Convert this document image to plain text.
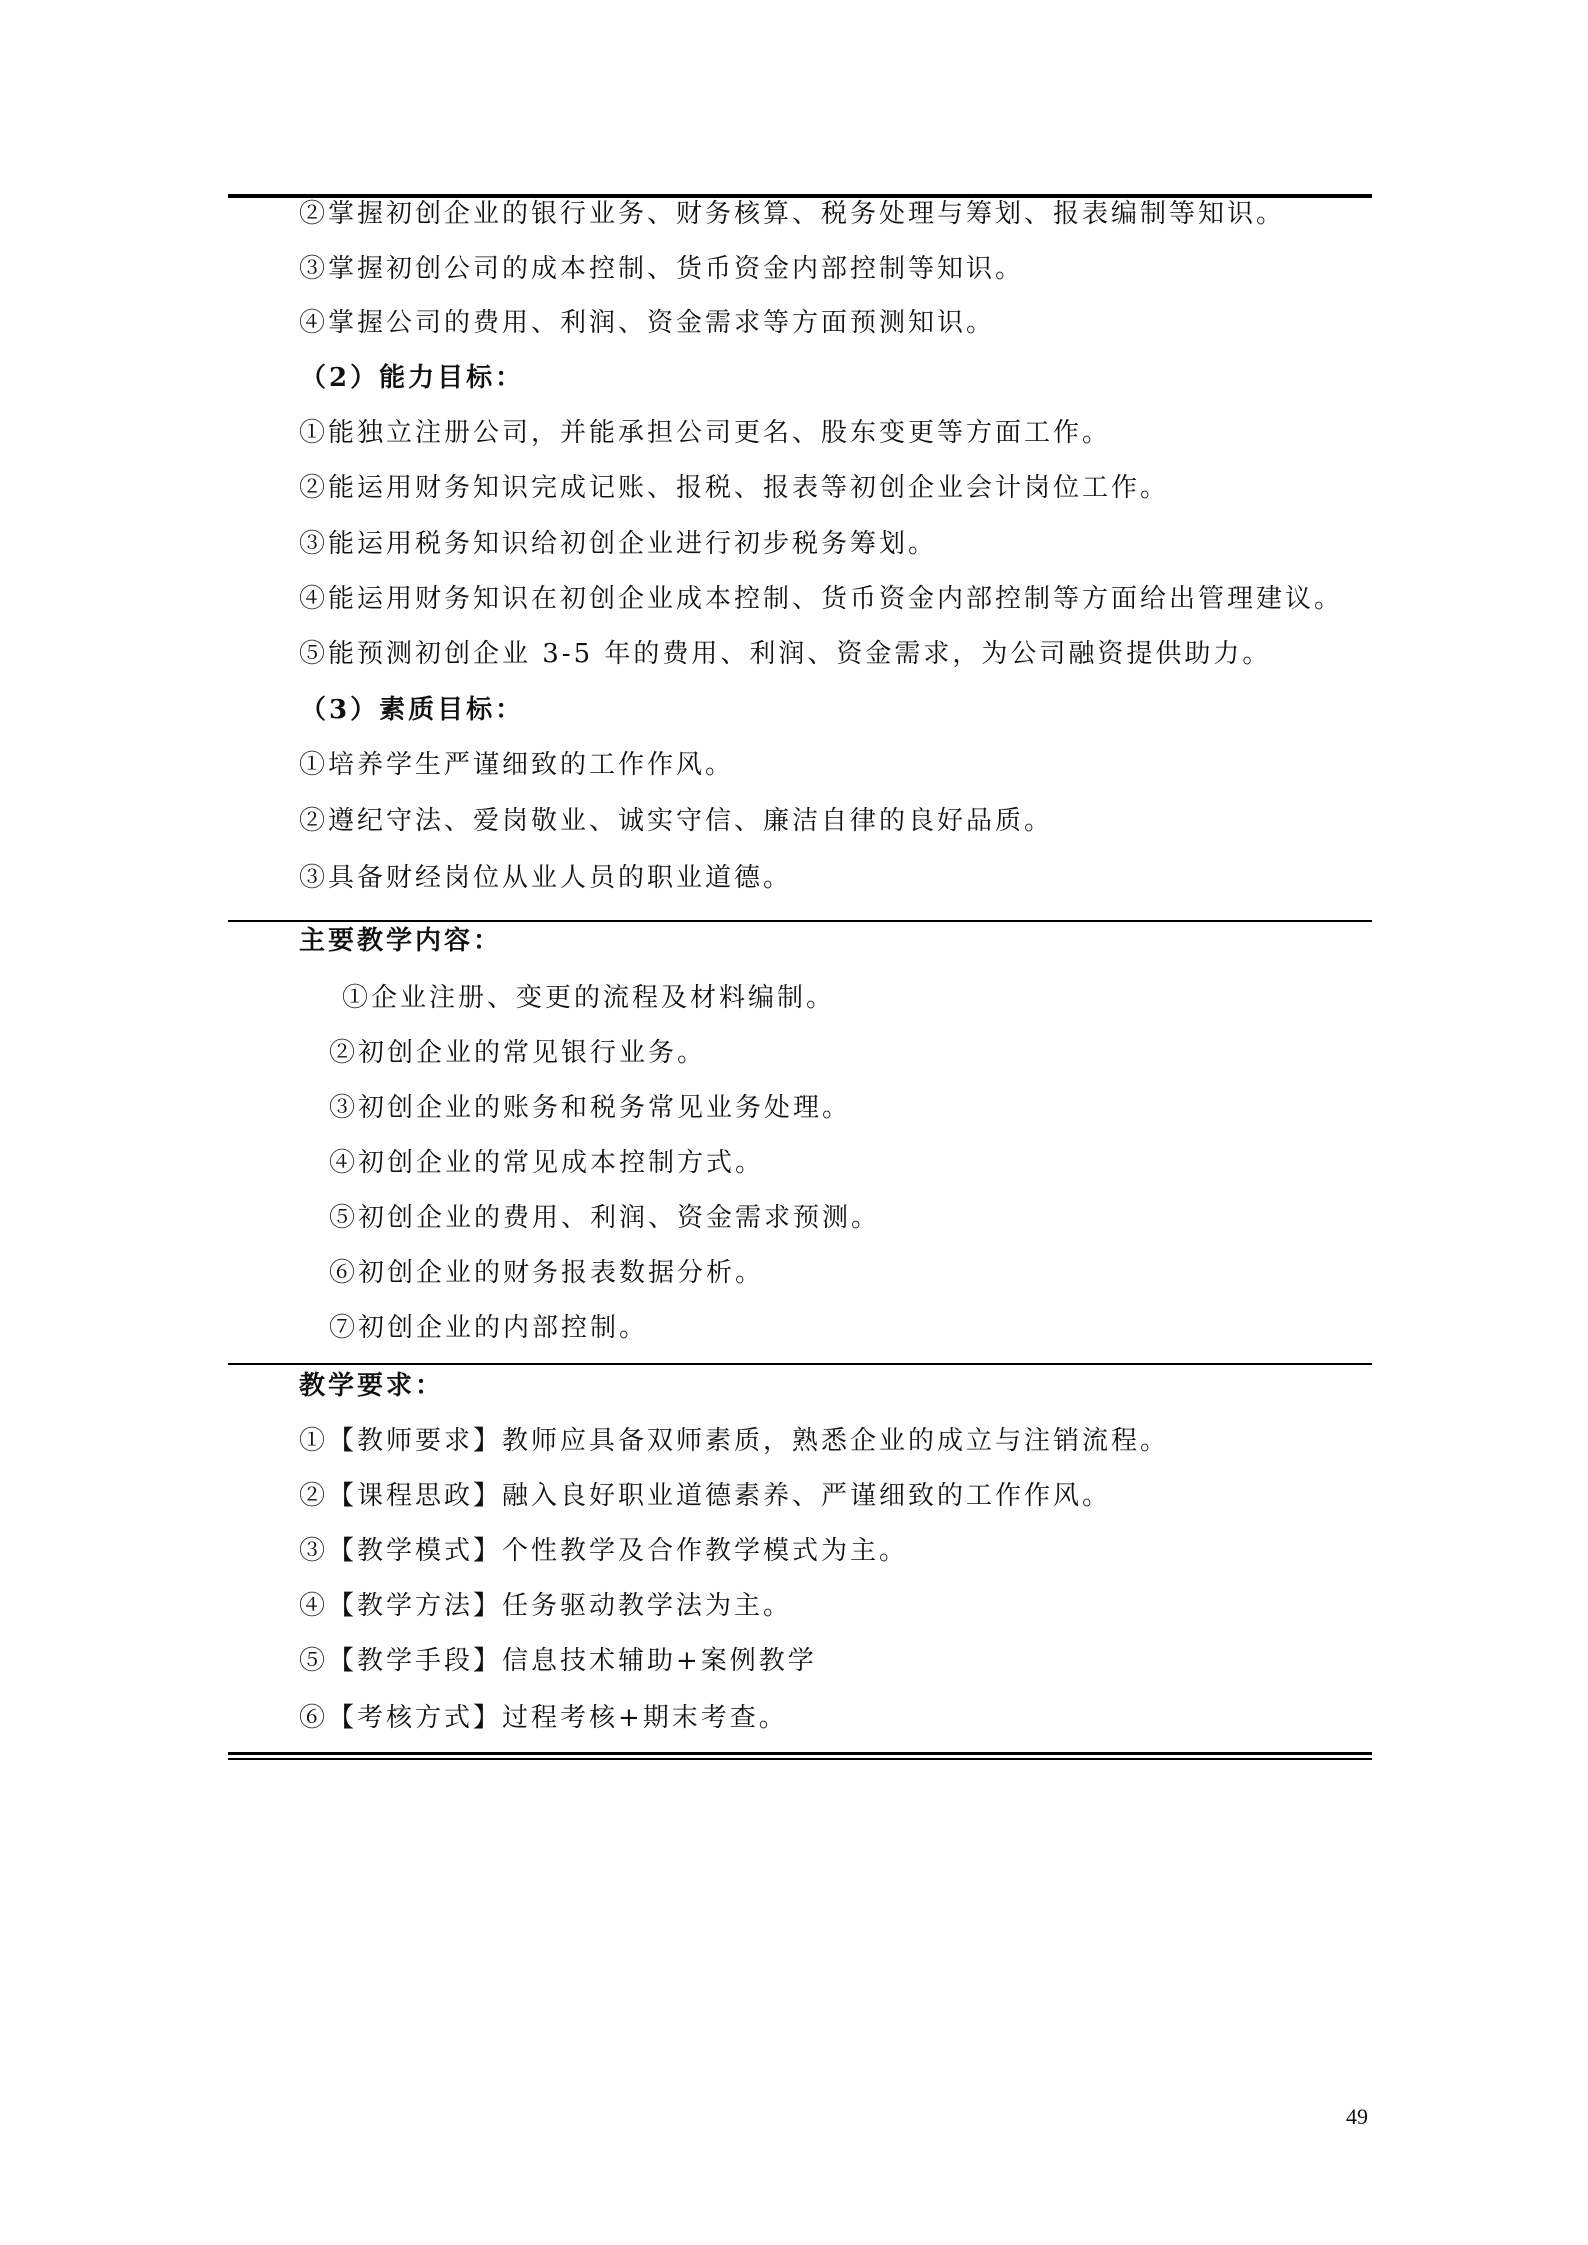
②掌握初创企业的银行业务、财务核算、税务处理与筹划、报表编制等知识。
③掌握初创公司的成本控制、货币资金内部控制等知识。
④掌握公司的费用、利润、资金需求等方面预测知识。
（2）能力目标：
①能独立注册公司，并能承担公司更名、股东变更等方面工作。
②能运用财务知识完成记账、报税、报表等初创企业会计岗位工作。
③能运用税务知识给初创企业进行初步税务筹划。
④能运用财务知识在初创企业成本控制、货币资金内部控制等方面给出管理建议。
⑤能预测初创企业 3-5 年的费用、利润、资金需求，为公司融资提供助力。
（3）素质目标：
①培养学生严谨细致的工作作风。
②遵纪守法、爱岗敬业、诚实守信、廉洁自律的良好品质。
③具备财经岗位从业人员的职业道德。
主要教学内容：
①企业注册、变更的流程及材料编制。
②初创企业的常见银行业务。
③初创企业的账务和税务常见业务处理。
④初创企业的常见成本控制方式。
⑤初创企业的费用、利润、资金需求预测。
⑥初创企业的财务报表数据分析。
⑦初创企业的内部控制。
教学要求：
①【教师要求】教师应具备双师素质，熟悉企业的成立与注销流程。
②【课程思政】融入良好职业道德素养、严谨细致的工作作风。
③【教学模式】个性教学及合作教学模式为主。
④【教学方法】任务驱动教学法为主。
⑤【教学手段】信息技术辅助+案例教学
⑥【考核方式】过程考核+期末考查。
49
